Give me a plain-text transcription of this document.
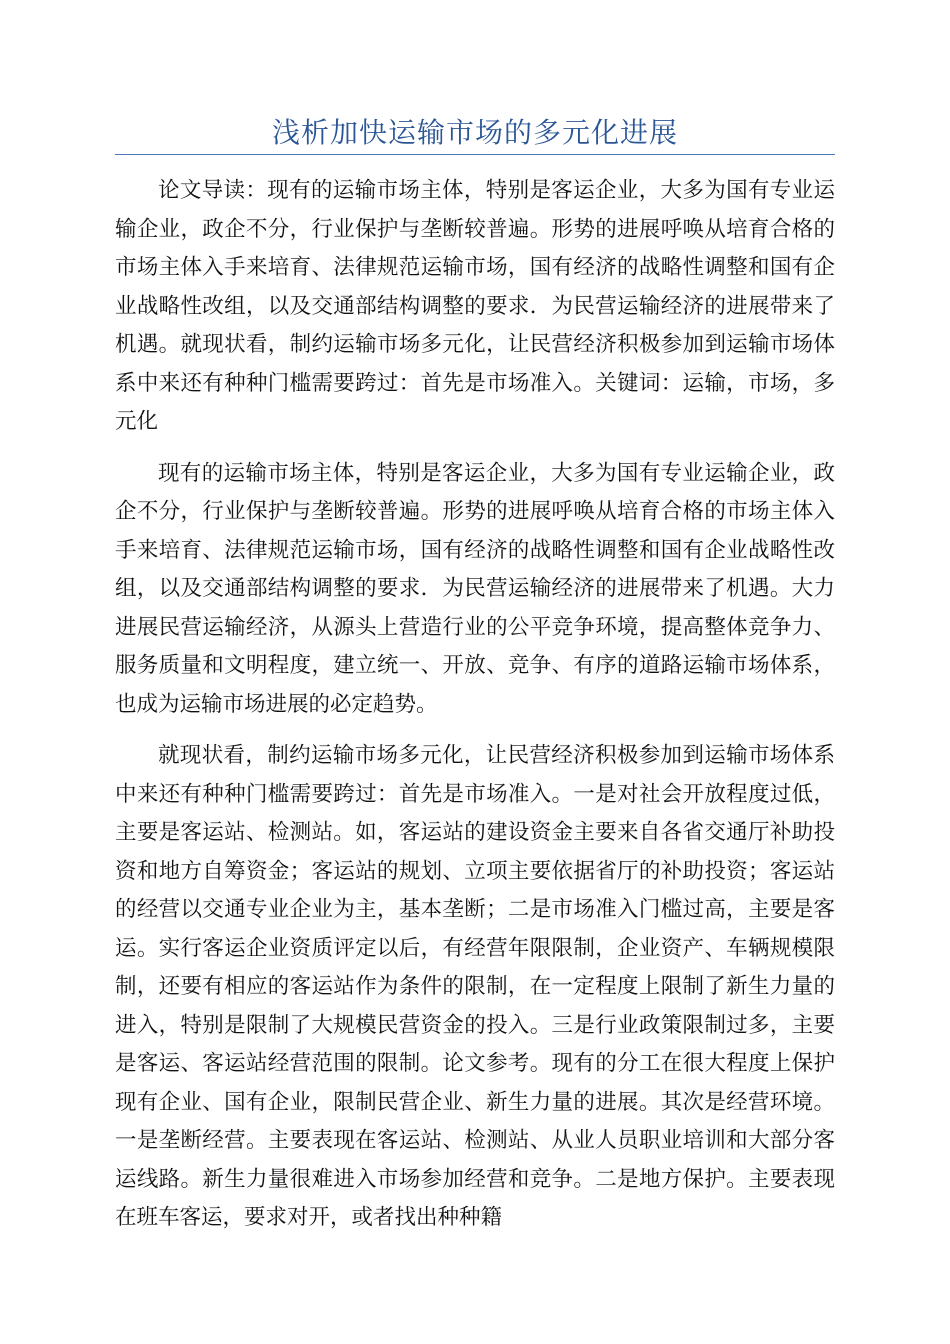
浅析加快运输市场的多元化进展

论文导读：现有的运输市场主体，特别是客运企业，大多为国有专业运输企业，政企不分，行业保护与垄断较普遍。形势的进展呼唤从培育合格的市场主体入手来培育、法律规范运输市场，国有经济的战略性调整和国有企业战略性改组，以及交通部结构调整的要求．为民营运输经济的进展带来了机遇。就现状看，制约运输市场多元化，让民营经济积极参加到运输市场体系中来还有种种门槛需要跨过：首先是市场准入。关键词：运输，市场，多元化

现有的运输市场主体，特别是客运企业，大多为国有专业运输企业，政企不分，行业保护与垄断较普遍。形势的进展呼唤从培育合格的市场主体入手来培育、法律规范运输市场，国有经济的战略性调整和国有企业战略性改组，以及交通部结构调整的要求．为民营运输经济的进展带来了机遇。大力进展民营运输经济，从源头上营造行业的公平竞争环境，提高整体竞争力、服务质量和文明程度，建立统一、开放、竞争、有序的道路运输市场体系，也成为运输市场进展的必定趋势。

就现状看，制约运输市场多元化，让民营经济积极参加到运输市场体系中来还有种种门槛需要跨过：首先是市场准入。一是对社会开放程度过低，主要是客运站、检测站。如，客运站的建设资金主要来自各省交通厅补助投资和地方自筹资金；客运站的规划、立项主要依据省厅的补助投资；客运站的经营以交通专业企业为主，基本垄断；二是市场准入门槛过高，主要是客运。实行客运企业资质评定以后，有经营年限限制，企业资产、车辆规模限制，还要有相应的客运站作为条件的限制，在一定程度上限制了新生力量的进入，特别是限制了大规模民营资金的投入。三是行业政策限制过多，主要是客运、客运站经营范围的限制。论文参考。现有的分工在很大程度上保护现有企业、国有企业，限制民营企业、新生力量的进展。其次是经营环境。一是垄断经营。主要表现在客运站、检测站、从业人员职业培训和大部分客运线路。新生力量很难进入市场参加经营和竞争。二是地方保护。主要表现在班车客运，要求对开，或者找出种种籍
